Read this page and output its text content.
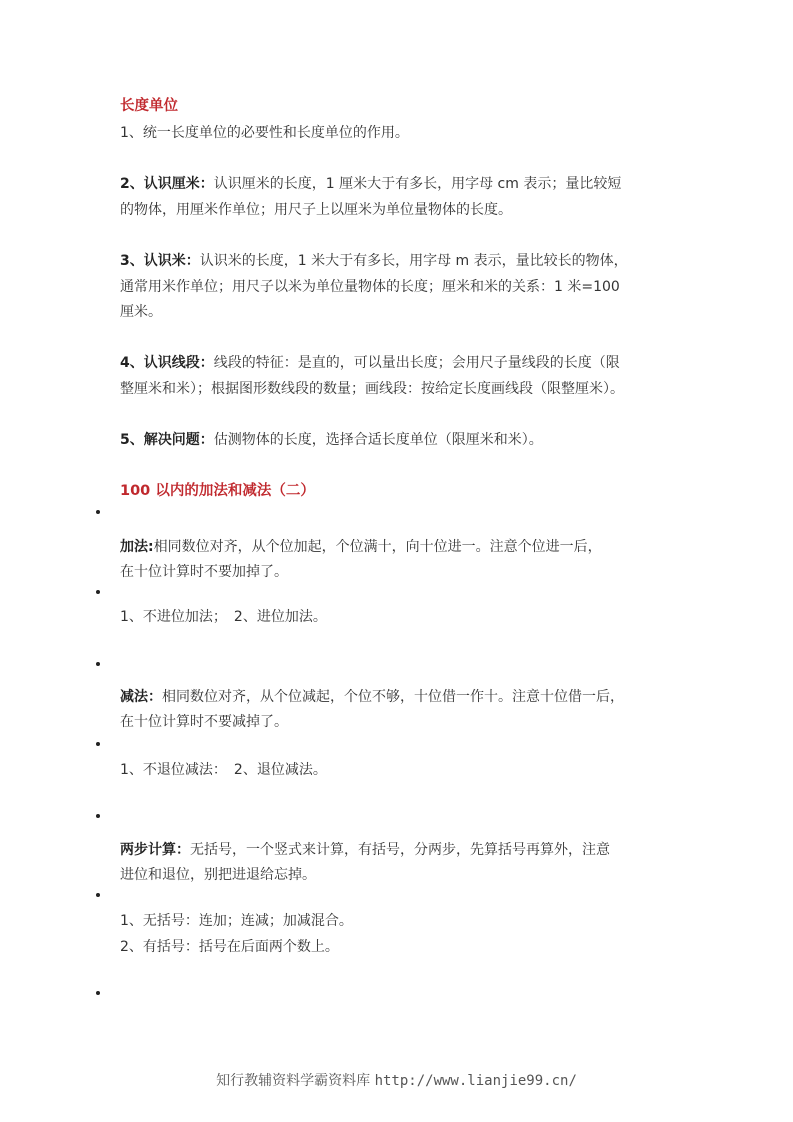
长度单位
1、统一长度单位的必要性和长度单位的作用。
2、认识厘米：认识厘米的长度，1 厘米大于有多长，用字母 cm 表示；量比较短
的物体，用厘米作单位；用尺子上以厘米为单位量物体的长度。
3、认识米：认识米的长度，1 米大于有多长，用字母 m 表示，量比较长的物体，
通常用米作单位；用尺子以米为单位量物体的长度；厘米和米的关系：1 米=100
厘米。
4、认识线段：线段的特征：是直的，可以量出长度；会用尺子量线段的长度（限
整厘米和米）；根据图形数线段的数量；画线段：按给定长度画线段（限整厘米）。
5、解决问题：估测物体的长度，选择合适长度单位（限厘米和米）。
100 以内的加法和减法（二）
加法:相同数位对齐，从个位加起，个位满十，向十位进一。注意个位进一后，
在十位计算时不要加掉了。
1、不进位加法；　2、进位加法。
减法：相同数位对齐，从个位减起，个位不够，十位借一作十。注意十位借一后，
在十位计算时不要减掉了。
1、不退位减法：　2、退位减法。
两步计算：无括号，一个竖式来计算，有括号，分两步，先算括号再算外，注意
进位和退位，别把进退给忘掉。
1、无括号：连加；连减；加减混合。
2、有括号：括号在后面两个数上。
知行教辅资料学霸资料库 http://www.lianjie99.cn/
